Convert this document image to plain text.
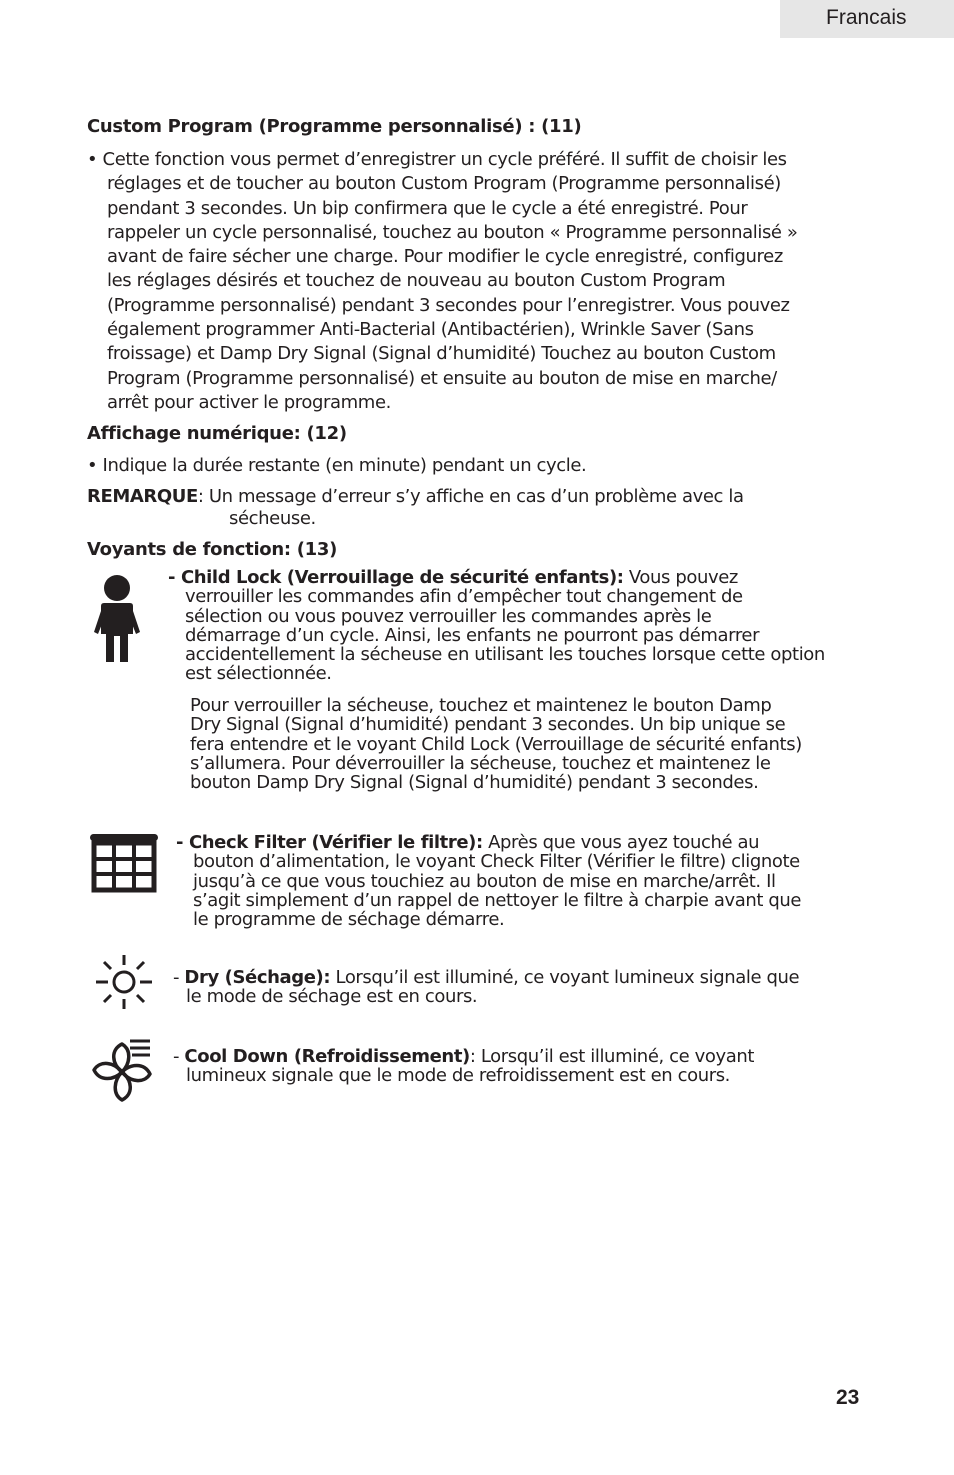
Francais
Custom Program (Programme personnalisé) : (11)
• Cette fonction vous permet d’enregistrer un cycle préféré. Il suffit de choisir les
réglages et de toucher au bouton Custom Program (Programme personnalisé)
pendant 3 secondes. Un bip confirmera que le cycle a été enregistré. Pour
rappeler un cycle personnalisé, touchez au bouton « Programme personnalisé »
avant de faire sécher une charge. Pour modifier le cycle enregistré, configurez
les réglages désirés et touchez de nouveau au bouton Custom Program
(Programme personnalisé) pendant 3 secondes pour l’enregistrer. Vous pouvez
également programmer Anti-Bacterial (Antibactérien), Wrinkle Saver (Sans
froissage) et Damp Dry Signal (Signal d’humidité) Touchez au bouton Custom
Program (Programme personnalisé) et ensuite au bouton de mise en marche/
arrêt pour activer le programme.
Affichage numérique: (12)
• Indique la durée restante (en minute) pendant un cycle.
REMARQUE: Un message d’erreur s’y affiche en cas d’un problème avec la
sécheuse.
Voyants de fonction: (13)
- Child Lock (Verrouillage de sécurité enfants): Vous pouvez
verrouiller les commandes afin d’empêcher tout changement de
sélection ou vous pouvez verrouiller les commandes après le
démarrage d’un cycle. Ainsi, les enfants ne pourront pas démarrer
accidentellement la sécheuse en utilisant les touches lorsque cette option
est sélectionnée.
Pour verrouiller la sécheuse, touchez et maintenez le bouton Damp
Dry Signal (Signal d’humidité) pendant 3 secondes. Un bip unique se
fera entendre et le voyant Child Lock (Verrouillage de sécurité enfants)
s’allumera. Pour déverrouiller la sécheuse, touchez et maintenez le
bouton Damp Dry Signal (Signal d’humidité) pendant 3 secondes.
- Check Filter (Vérifier le filtre): Après que vous ayez touché au
bouton d’alimentation, le voyant Check Filter (Vérifier le filtre) clignote
jusqu’à ce que vous touchiez au bouton de mise en marche/arrêt. Il
s’agit simplement d’un rappel de nettoyer le filtre à charpie avant que
le programme de séchage démarre.
- Dry (Séchage): Lorsqu’il est illuminé, ce voyant lumineux signale que
le mode de séchage est en cours.
- Cool Down (Refroidissement): Lorsqu’il est illuminé, ce voyant
lumineux signale que le mode de refroidissement est en cours.
23
